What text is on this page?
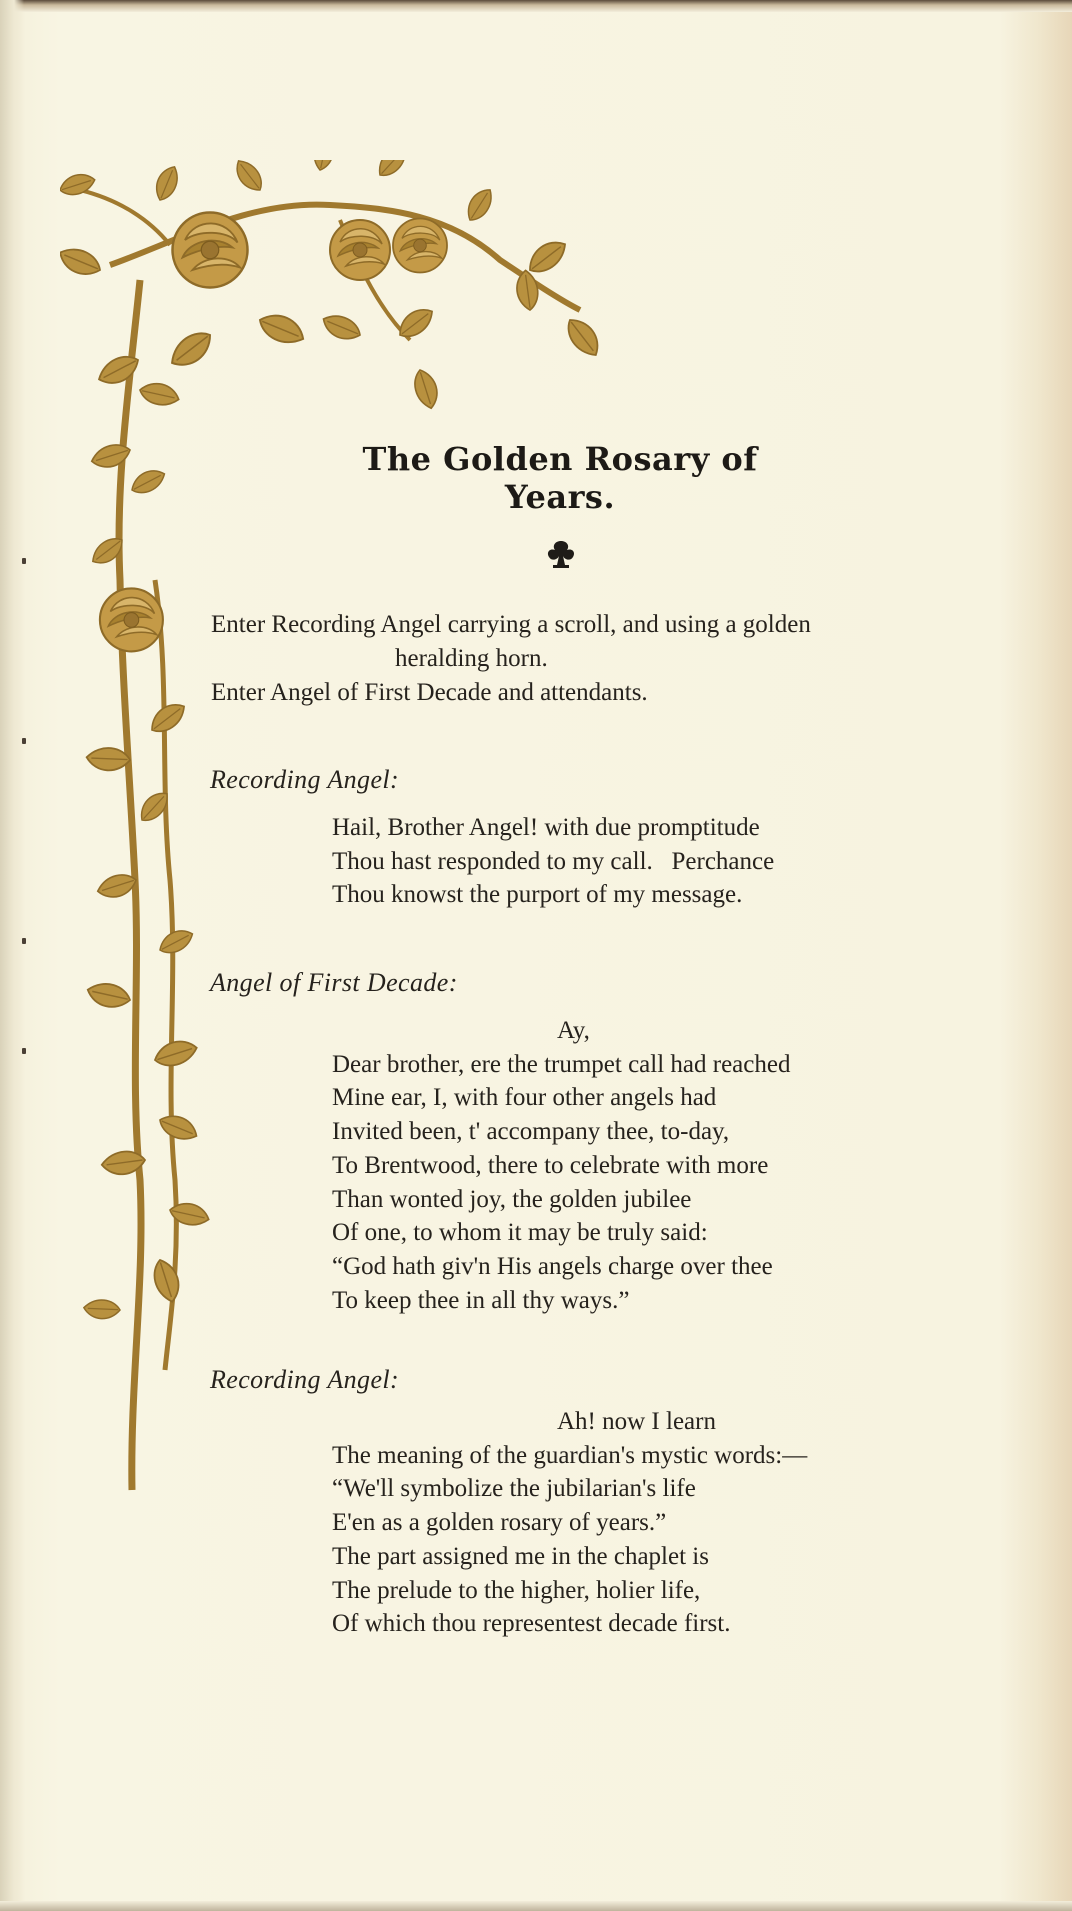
The Golden Rosary of Years.

Enter Recording Angel carrying a scroll, and using a golden

heralding horn.

Enter Angel of First Decade and attendants.

Recording Angel:

Hail, Brother Angel! with due promptitude
Thou hast responded to my call.   Perchance
Thou knowst the purport of my message.

Angel of First Decade:

Ay,
Dear brother, ere the trumpet call had reached
Mine ear, I, with four other angels had
Invited been, t' accompany thee, to-day,
To Brentwood, there to celebrate with more
Than wonted joy, the golden jubilee
Of one, to whom it may be truly said:
“God hath giv'n His angels charge over thee
To keep thee in all thy ways.”

Recording Angel:

Ah! now I learn
The meaning of the guardian's mystic words:—
“We'll symbolize the jubilarian's life
E'en as a golden rosary of years.”
The part assigned me in the chaplet is
The prelude to the higher, holier life,
Of which thou representest decade first.
